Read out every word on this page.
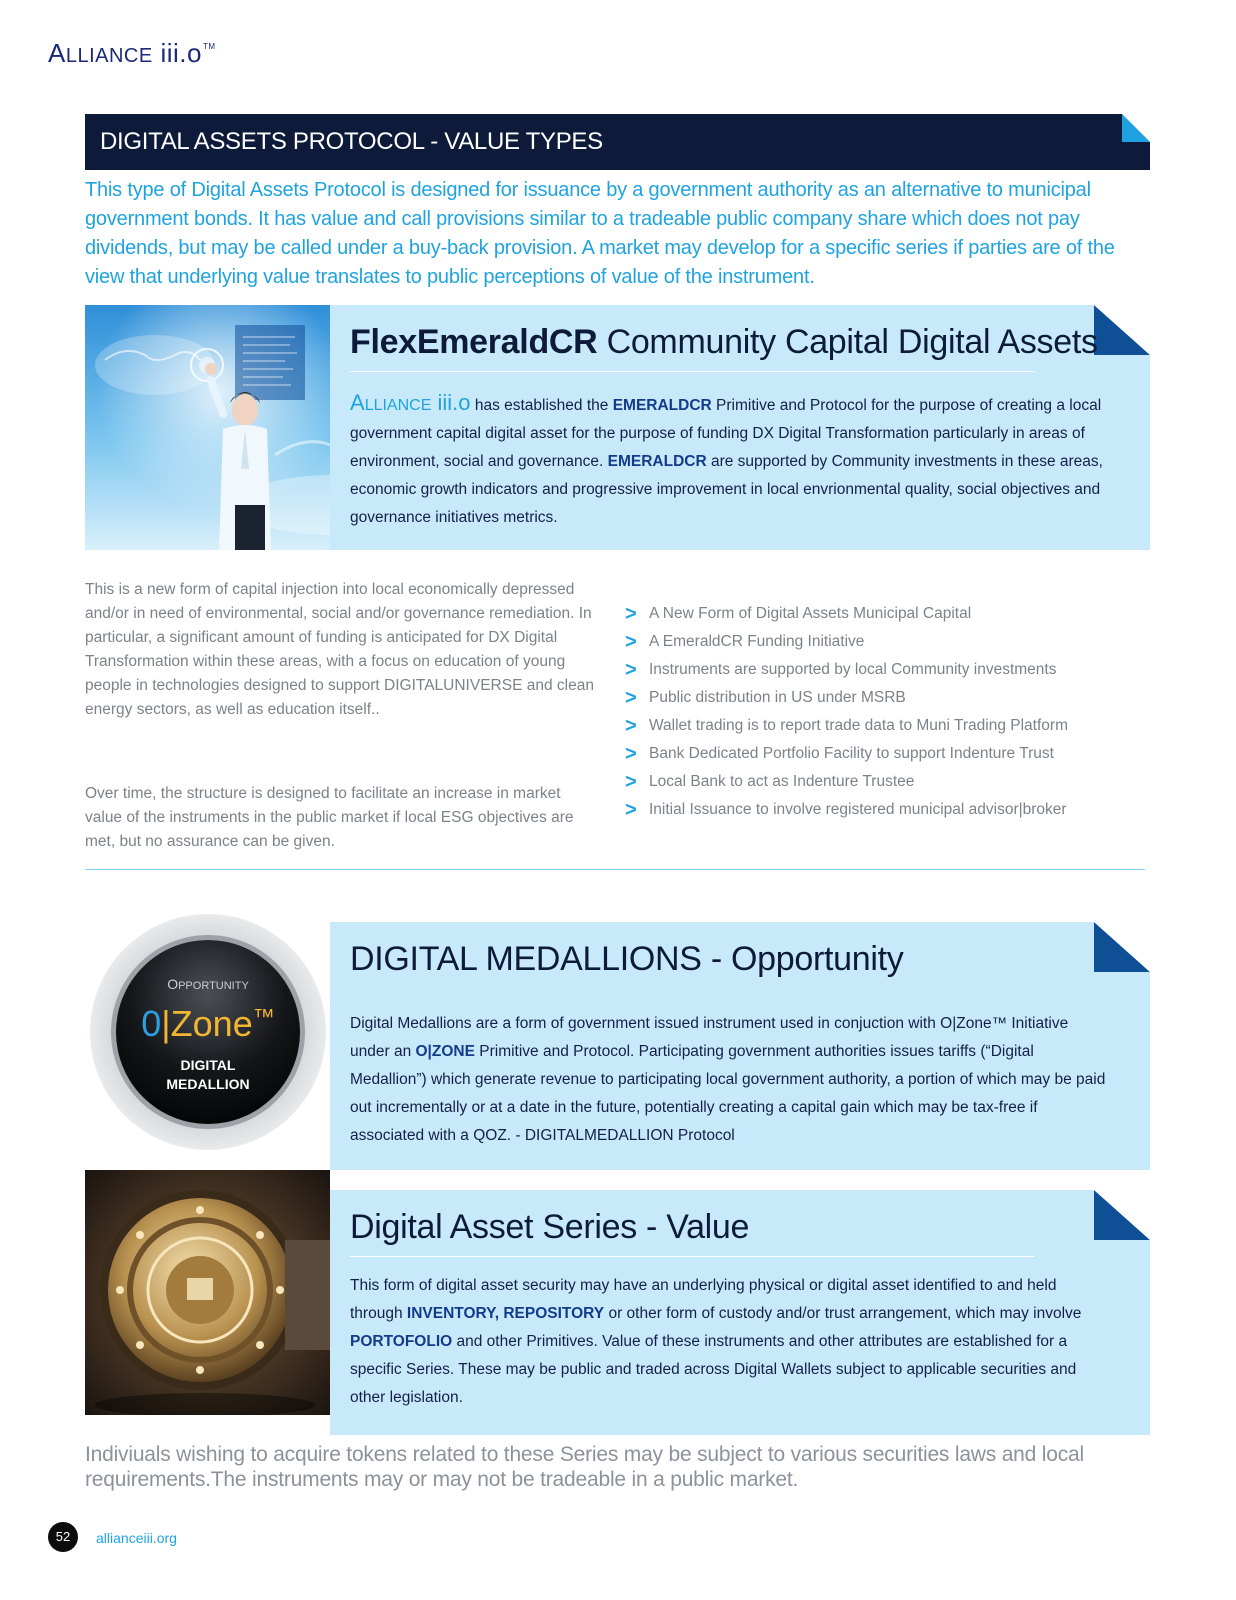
ALLIANCE iii.o™
DIGITAL ASSETS PROTOCOL - VALUE TYPES

This type of Digital Assets Protocol is designed for issuance by a government authority as an alternative to municipal government bonds. It has value and call provisions similar to a tradeable public company share which does not pay dividends, but may be called under a buy-back provision. A market may develop for a specific series if parties are of the view that underlying value translates to public perceptions of value of the instrument.

FlexEmeraldCR Community Capital Digital Assets
ALLIANCE iii.o has established the EMERALDCR Primitive and Protocol for the purpose of creating a local government capital digital asset for the purpose of funding DX Digital Transformation particularly in areas of environment, social and governance. EMERALDCR are supported by Community investments in these areas, economic growth indicators and progressive improvement in local envrionmental quality, social objectives and governance initiatives metrics.

This is a new form of capital injection into local economically depressed and/or in need of environmental, social and/or governance remediation. In particular, a significant amount of funding is anticipated for DX Digital Transformation within these areas, with a focus on education of young people in technologies designed to support DIGITALUNIVERSE and clean energy sectors, as well as education itself..

Over time, the structure is designed to facilitate an increase in market value of the instruments in the public market if local ESG objectives are met, but no assurance can be given.

> A New Form of Digital Assets Municipal Capital
> A EmeraldCR Funding Initiative
> Instruments are supported by local Community investments
> Public distribution in US under MSRB
> Wallet trading is to report trade data to Muni Trading Platform
> Bank Dedicated Portfolio Facility to support Indenture Trust
> Local Bank to act as Indenture Trustee
> Initial Issuance to involve registered municipal advisor|broker
OPPORTUNITY
0|Zone™
DIGITAL
MEDALLION
DIGITAL MEDALLIONS - Opportunity
Digital Medallions are a form of government issued instrument used in conjuction with O|Zone™ Initiative under an O|ZONE Primitive and Protocol. Participating government authorities issues tariffs (“Digital Medallion”) which generate revenue to participating local government authority, a portion of which may be paid out incrementally or at a date in the future, potentially creating a capital gain which may be tax-free if associated with a QOZ. - DIGITALMEDALLION Protocol
Digital Asset Series - Value
This form of digital asset security may have an underlying physical or digital asset identified to and held through INVENTORY, REPOSITORY or other form of custody and/or trust arrangement, which may involve PORTOFOLIO and other Primitives. Value of these instruments and other attributes are established for a specific Series. These may be public and traded across Digital Wallets subject to applicable securities and other legislation.

Indiviuals wishing to acquire tokens related to these Series may be subject to various securities laws and local requirements.The instruments may or may not be tradeable in a public market.

52	allianceiii.org
